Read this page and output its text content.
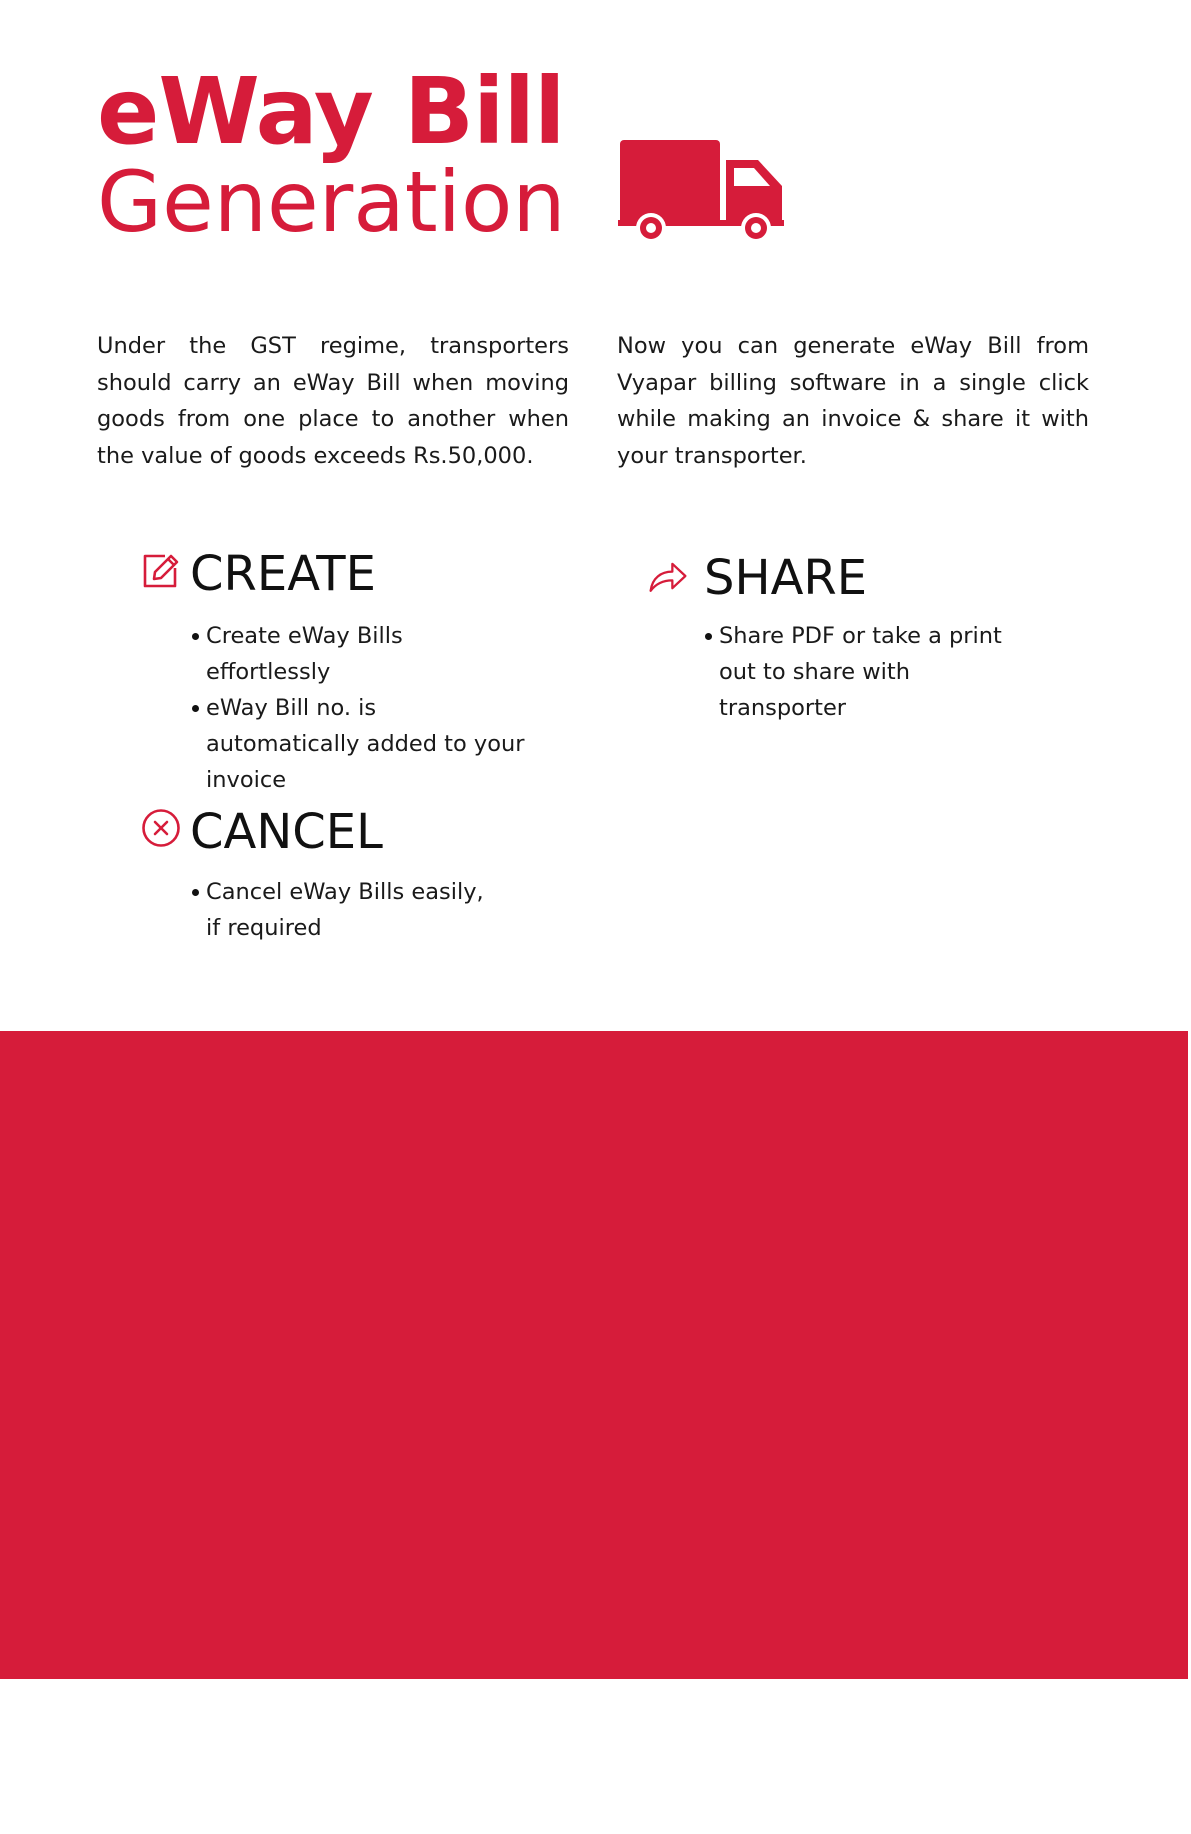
eWay Bill
Generation
Under the GST regime, transporters should carry an eWay Bill when moving goods from one place to another when the value of goods exceeds Rs.50,000.
Now you can generate eWay Bill from Vyapar billing software in a single click while making an invoice & share it with your transporter.
CREATE
Create eWay Bills effortlessly
eWay Bill no. is automatically added to your invoice
SHARE
Share PDF or take a print out to share with transporter
CANCEL
Cancel eWay Bills easily, if required
